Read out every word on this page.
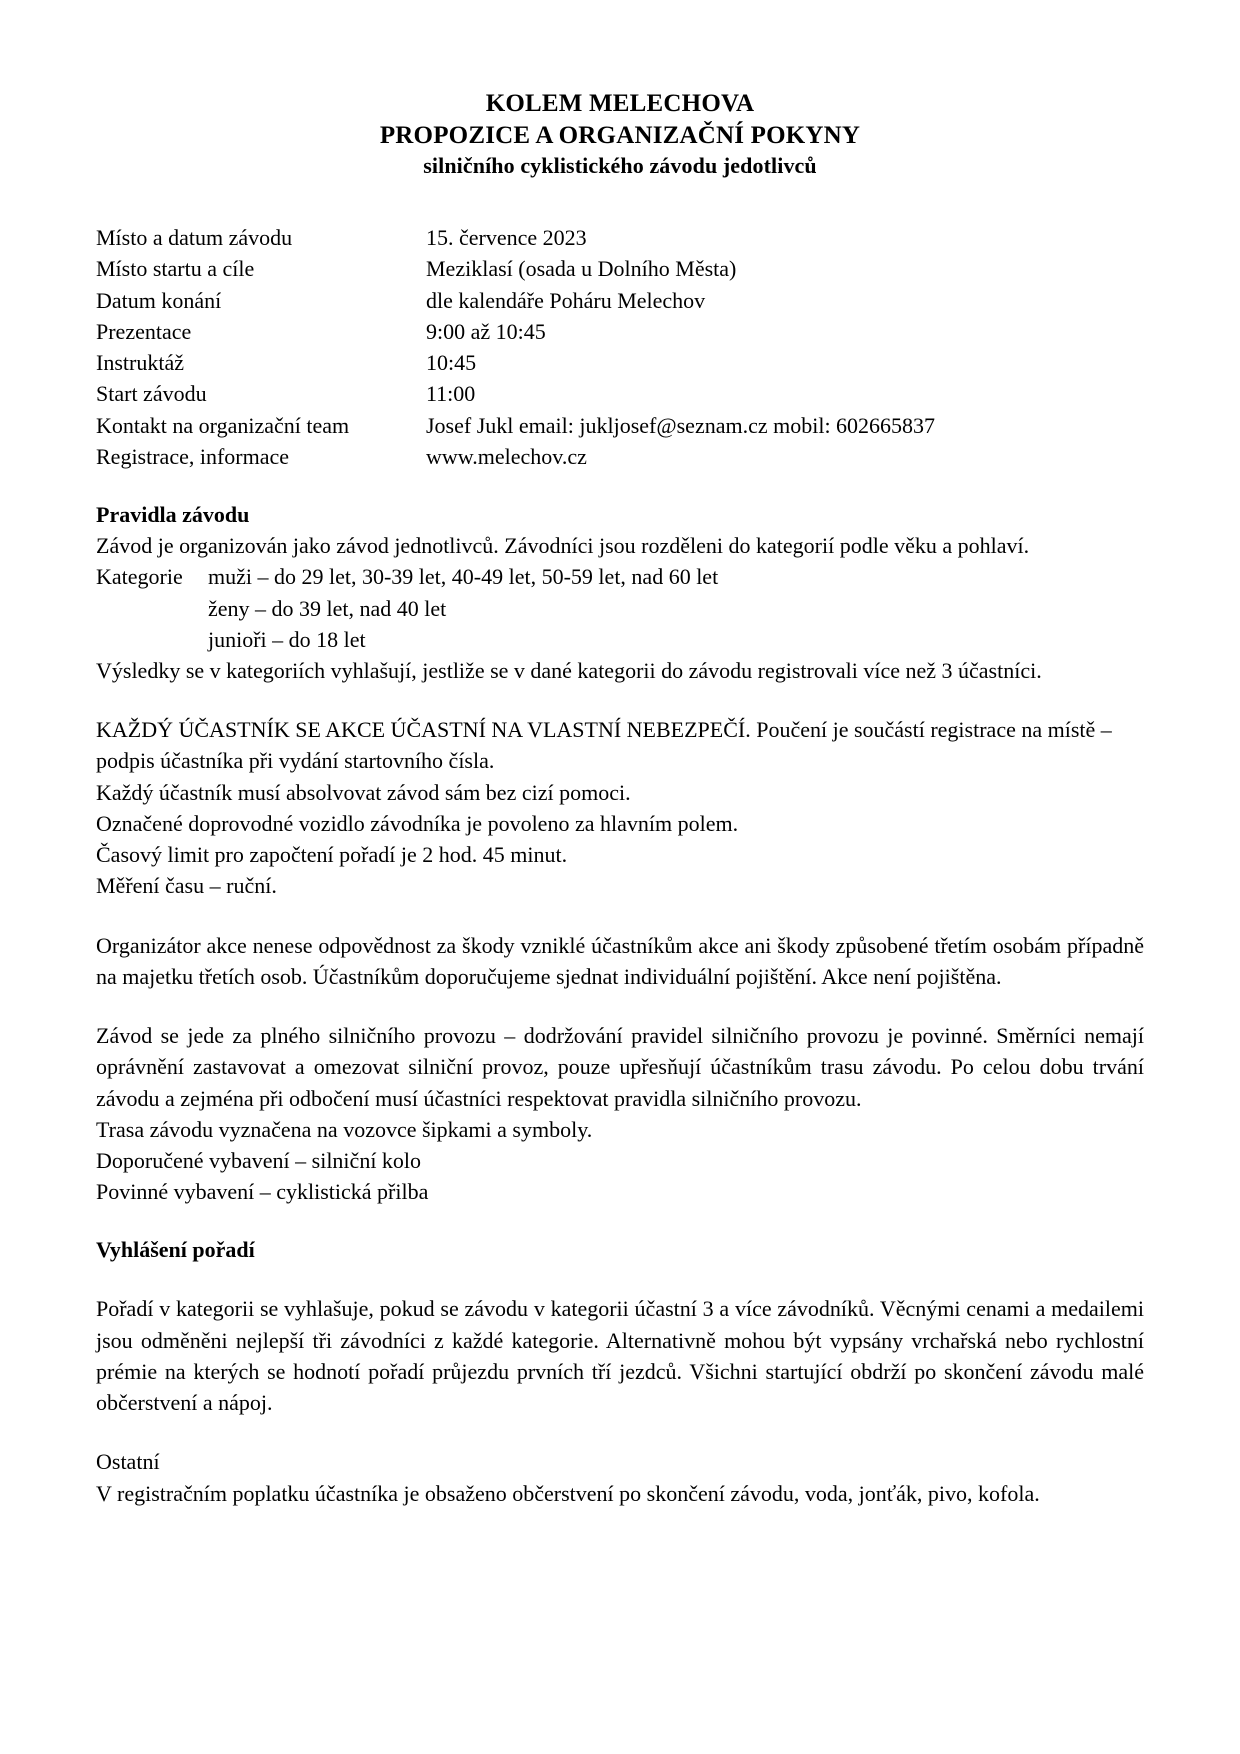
KOLEM MELECHOVA
PROPOZICE A ORGANIZAČNÍ POKYNY
silničního cyklistického závodu jedotlivců
Místo a datum závodu	15. července 2023
Místo startu a cíle	Meziklasí (osada u Dolního Města)
Datum konání	dle kalendáře Poháru Melechov
Prezentace	9:00 až 10:45
Instruktáž	10:45
Start závodu	11:00
Kontakt na organizační team	Josef Jukl email: jukljosef@seznam.cz mobil: 602665837
Registrace, informace	www.melechov.cz
Pravidla závodu

Závod je organizován jako závod jednotlivců. Závodníci jsou rozděleni do kategorií podle věku a pohlaví.

Kategorie	muži – do 29 let, 30-39 let, 40-49 let, 50-59 let, nad 60 let
	ženy – do 39 let, nad 40 let
	junioři – do 18 let

Výsledky se v kategoriích vyhlašují, jestliže se v dané kategorii do závodu registrovali více než 3 účastníci.

KAŽDÝ ÚČASTNÍK SE AKCE ÚČASTNÍ NA VLASTNÍ NEBEZPEČÍ. Poučení je součástí registrace na místě – podpis účastníka při vydání startovního čísla.

Každý účastník musí absolvovat závod sám bez cizí pomoci.

Označené doprovodné vozidlo závodníka je povoleno za hlavním polem.

Časový limit pro započtení pořadí je 2 hod. 45 minut.

Měření času – ruční.

Organizátor akce nenese odpovědnost za škody vzniklé účastníkům akce ani škody způsobené třetím osobám případně na majetku třetích osob. Účastníkům doporučujeme sjednat individuální pojištění. Akce není pojištěna.

Závod se jede za plného silničního provozu – dodržování pravidel silničního provozu je povinné. Směrníci nemají oprávnění zastavovat a omezovat silniční provoz, pouze upřesňují účastníkům trasu závodu. Po celou dobu trvání závodu a zejména při odbočení musí účastníci respektovat pravidla silničního provozu.

Trasa závodu vyznačena na vozovce šipkami a symboly.

Doporučené vybavení – silniční kolo

Povinné vybavení – cyklistická přilba

Vyhlášení pořadí

Pořadí v kategorii se vyhlašuje, pokud se závodu v kategorii účastní 3 a více závodníků. Věcnými cenami a medailemi jsou odměněni nejlepší tři závodníci z každé kategorie. Alternativně mohou být vypsány vrchařská nebo rychlostní prémie na kterých se hodnotí pořadí průjezdu prvních tří jezdců. Všichni startující obdrží po skončení závodu malé občerstvení a nápoj.

Ostatní

V registračním poplatku účastníka je obsaženo občerstvení po skončení závodu, voda, jonťák, pivo, kofola.
